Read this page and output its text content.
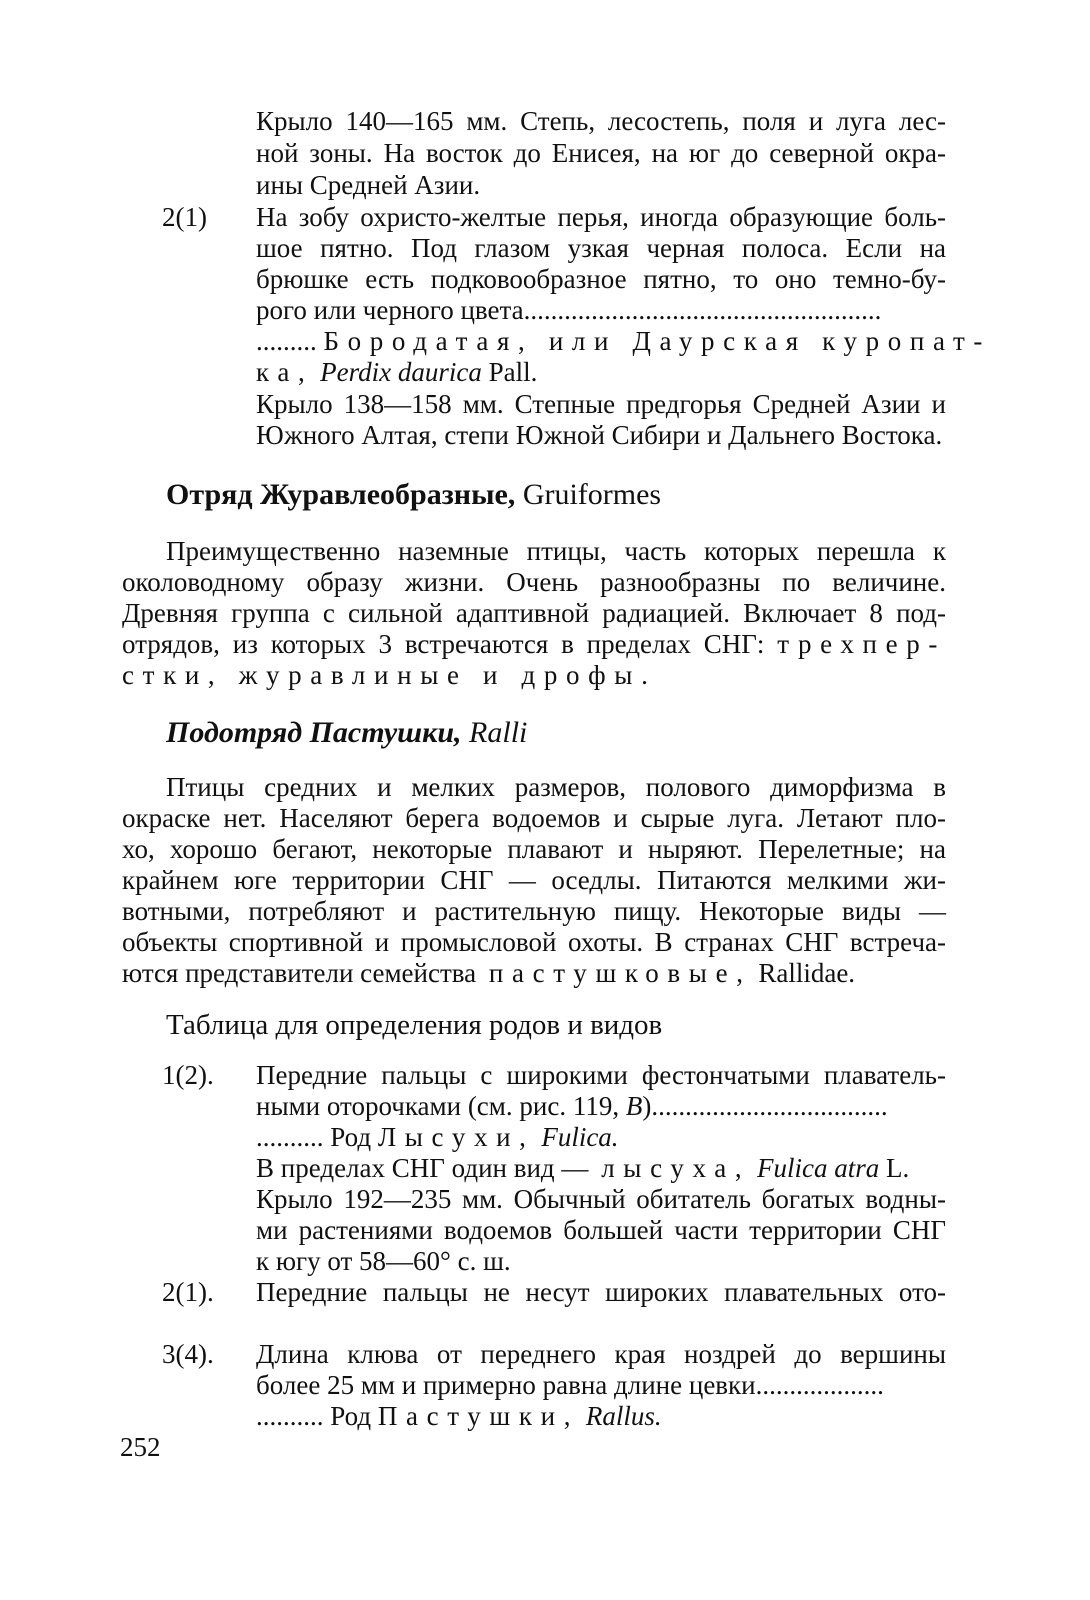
Крыло 140—165 мм. Степь, лесостепь, поля и луга лес-
ной зоны. На восток до Енисея, на юг до северной окра-
ины Средней Азии.
2(1) На зобу охристо-желтые перья, иногда образующие боль-
шое пятно. Под глазом узкая черная полоса. Если на
брюшке есть подковообразное пятно, то оно темно-бу-
рого или черного цвета.....................................................
......... Бородатая, или Даурская куропат-
ка, Perdix daurica Pall.
Крыло 138—158 мм. Степные предгорья Средней Азии и
Южного Алтая, степи Южной Сибири и Дальнего Востока.
Отряд Журавлеобразные, Gruiformes
Преимущественно наземные птицы, часть которых перешла к
околоводному образу жизни. Очень разнообразны по величине.
Древняя группа с сильной адаптивной радиацией. Включает 8 под-
отрядов, из которых 3 встречаются в пределах СНГ: трехпер-
стки, журавлиные и дрофы.
Подотряд Пастушки, Ralli
Птицы средних и мелких размеров, полового диморфизма в
окраске нет. Населяют берега водоемов и сырые луга. Летают пло-
хо, хорошо бегают, некоторые плавают и ныряют. Перелетные; на
крайнем юге территории СНГ — оседлы. Питаются мелкими жи-
вотными, потребляют и растительную пищу. Некоторые виды —
объекты спортивной и промысловой охоты. В странах СНГ встреча-
ются представители семейства пастушковые, Rallidae.
Таблица для определения родов и видов
1(2). Передние пальцы с широкими фестончатыми плаватель-
ными оторочками (см. рис. 119, В)...................................
.......... Род Лысухи, Fulica.
В пределах СНГ один вид — лысуха, Fulica atra L.
Крыло 192—235 мм. Обычный обитатель богатых водны-
ми растениями водоемов большей части территории СНГ
к югу от 58—60° с. ш.
2(1). Передние пальцы не несут широких плавательных ото-
3(4). Длина клюва от переднего края ноздрей до вершины
более 25 мм и примерно равна длине цевки...................
.......... Род Пастушки, Rallus.
252
